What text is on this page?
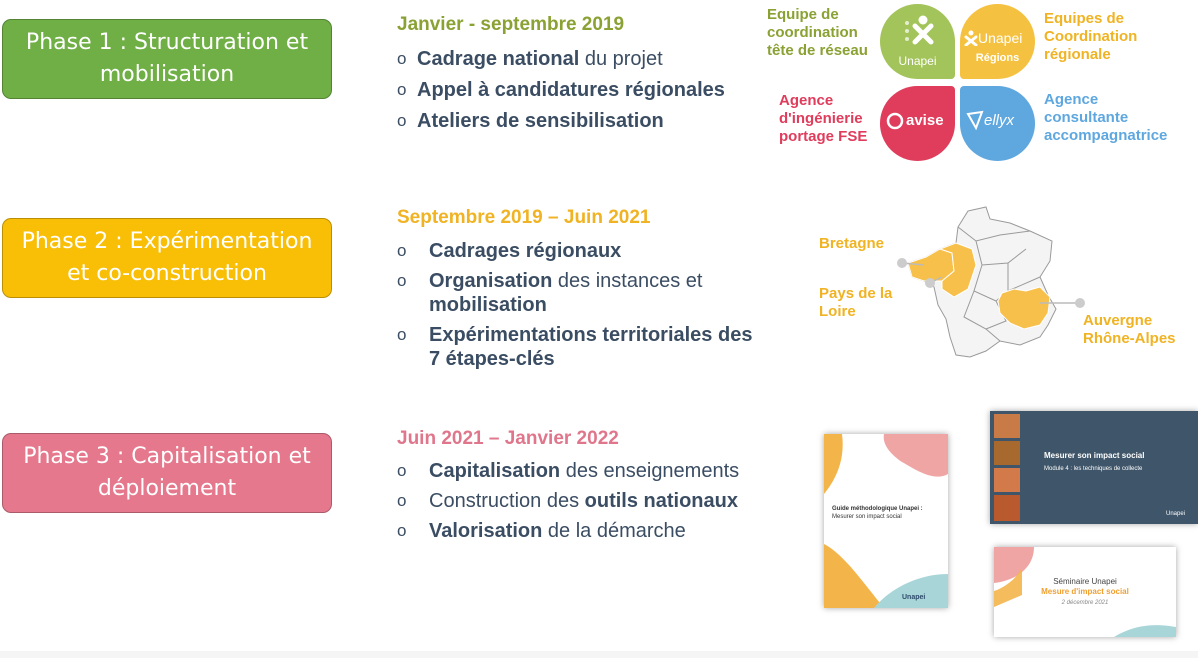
Phase 1 : Structuration et
mobilisation
Phase 2 : Expérimentation
et co-construction
Phase 3 : Capitalisation et
déploiement
Janvier - septembre 2019
o Cadrage national du projet
o Appel à candidatures régionales
o Ateliers de sensibilisation
Septembre 2019 – Juin 2021
o Cadrages régionaux
o Organisation des instances et
mobilisation
o Expérimentations territoriales des 7 étapes-clés
Juin 2021 – Janvier 2022
o Capitalisation des enseignements
o Construction des outils nationaux
o Valorisation de la démarche
Equipe de coordination tête de réseau
Unapei
Unapei
Régions
Equipes de Coordination régionale
Agence d'ingénierie portage FSE
avise	ellyx
Agence consultante accompagnatrice
Bretagne
Pays de la Loire
Auvergne Rhône-Alpes
Guide méthodologique Unapei :
Mesurer son impact social
Unapei
Mesurer son impact social
Module 4 : les techniques de collecte
Unapei
Séminaire Unapei
Mesure d'impact social
2 décembre 2021
